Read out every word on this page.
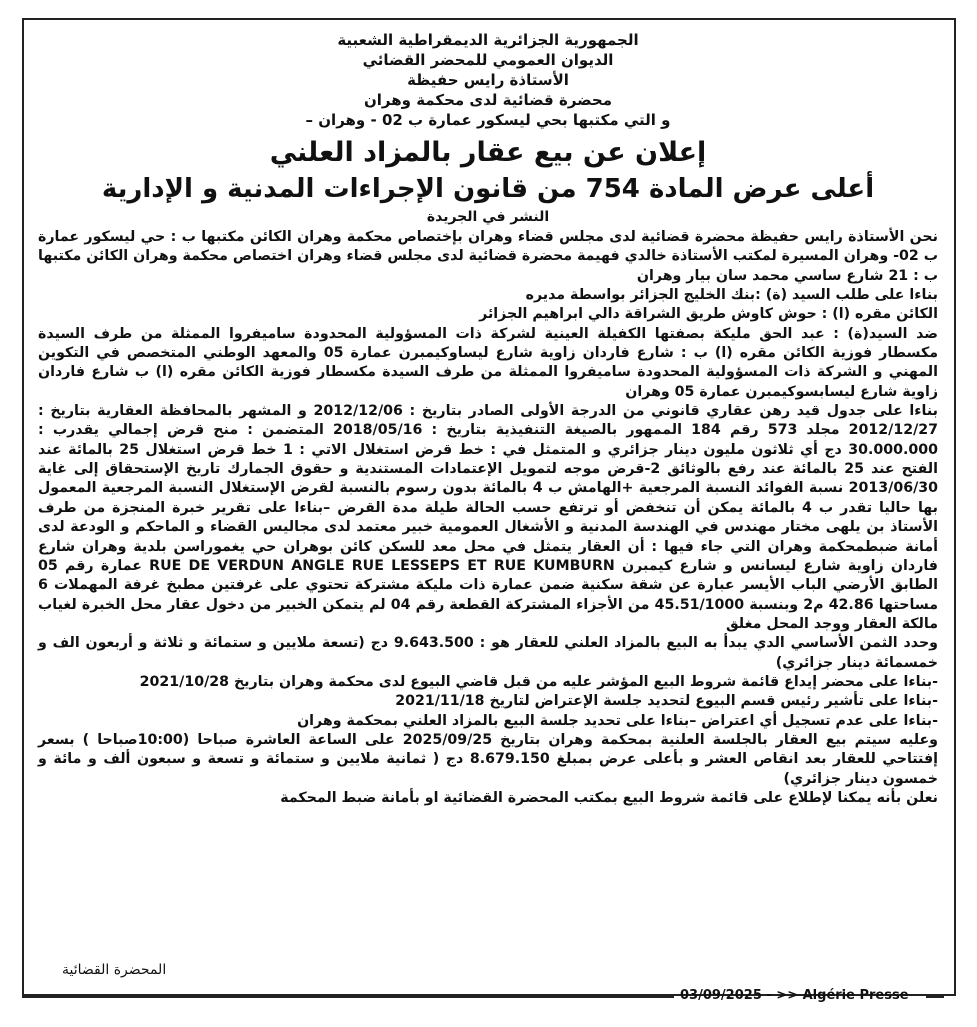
الجمهورية الجزائرية الديمقراطية الشعبية

الديوان العمومي للمحضر القضائي

الأستاذة رايس حفيظة

محضرة قضائية لدى محكمة وهران

و التي مكتبها بحي ليسكور عمارة ب 02 - وهران –

إعلان عن بيع عقار بالمزاد العلني

أعلى عرض المادة 754 من قانون الإجراءات المدنية و الإدارية

النشر في الجريدة

نحن الأستاذة رايس حفيظة محضرة قضائية لدى مجلس قضاء وهران بإختصاص محكمة وهران الكائن مكتبها ب : حي ليسكور عمارة ب 02- وهران المسيرة لمكتب الأستاذة خالدي فهيمة محضرة قضائية لدى مجلس قضاء وهران اختصاص محكمة وهران الكائن مكتبها ب : 21 شارع ساسي محمد سان بيار وهران

بناءا على طلب السيد (ة) :بنك الخليج الجزائر بواسطة مديره

الكائن مقره (ا) : حوش كاوش طريق الشراقة دالي ابراهيم الجزائر

ضد السيد(ة) : عبد الحق مليكة بصفتها الكفيلة العينية لشركة ذات المسؤولية المحدودة ساميفروا الممثلة من طرف السيدة مكسطار فوزية الكائن مقره (ا) ب : شارع فاردان زاوية شارع ليساوكيمبرن عمارة 05 والمعهد الوطني المتخصص في التكوين المهني و الشركة ذات المسؤولية المحدودة ساميفروا الممثلة من طرف السيدة مكسطار فوزية الكائن مقره (ا) ب شارع فاردان زاوية شارع ليسابسوكيمبرن عمارة 05 وهران

بناءا على جدول قيد رهن عقاري قانوني من الدرجة الأولى الصادر بتاريخ : 2012/12/06 و المشهر بالمحافظة العقارية بتاريخ : 2012/12/27 مجلد 573 رقم 184 الممهور بالصيغة التنفيذية بتاريخ : 2018/05/16 المتضمن : منح قرض إجمالي يقدرب : 30.000.000 دج أي ثلاثون مليون دينار جزائري و المتمثل في : خط قرض استغلال الاتي : 1 خط قرض استغلال 25 بالمائة عند الفتح عند 25 بالمائة عند رفع بالوثائق 2-قرض موجه لتمويل الإعتمادات المستندية و حقوق الجمارك تاريخ الإستحقاق إلى غاية 2013/06/30 نسبة الفوائد النسبة المرجعية +الهامش ب 4 بالمائة بدون رسوم بالنسبة لقرض الإستغلال النسبة المرجعية المعمول بها حاليا تقدر ب 4 بالمائة يمكن أن تنخفض أو ترتفع حسب الحالة طيلة مدة القرض –بناءا على تقرير خبرة المنجزة من طرف الأستاذ بن يلهى مختار مهندس في الهندسة المدنية و الأشغال العمومية خبير معتمد لدى مجاليس القضاء و الماحكم و الودعة لدى أمانة ضبطمحكمة وهران التي جاء فيها : أن العقار يتمثل في محل معد للسكن كائن بوهران حي يغموراسن بلدية وهران شارع فاردان زاوية شارع ليسانس و شارع كيمبرن RUE DE VERDUN ANGLE RUE LESSEPS ET RUE KUMBURN عمارة رقم 05 الطابق الأرضي الباب الأيسر عبارة عن شقة سكنية ضمن عمارة ذات مليكة مشتركة تحتوي على غرفتين مطبخ غرفة المهملات 6 مساحتها 42.86 م2 وبنسبة 45.51/1000 من الأجزاء المشتركة القطعة رقم 04 لم يتمكن الخبير من دخول عقار محل الخبرة لغياب مالكة العقار ووجد المحل مغلق

وحدد الثمن الأساسي الدي يبدأ به البيع بالمزاد العلني للعقار هو : 9.643.500 دج (تسعة ملايين و ستمائة و ثلاثة و أربعون الف و خمسمائة دينار جزائري)

-بناءا على محضر إيداع قائمة شروط البيع المؤشر عليه من قبل قاضي البيوع لدى محكمة وهران بتاريخ 2021/10/28

-بناءا على تأشير رئيس قسم البيوع لتحديد جلسة الإعتراض لتاريخ 2021/11/18

-بناءا على عدم تسجيل أي اعتراض –بناءا على تحديد جلسة البيع بالمزاد العلني بمحكمة وهران

وعليه سيتم بيع العقار بالجلسة العلنية بمحكمة وهران بتاريخ 2025/09/25 على الساعة العاشرة صباحا (10:00صباحا ) بسعر إفتتاحي للعقار بعد انقاص العشر و بأعلى عرض بمبلغ 8.679.150 دج ( ثمانية ملايين و ستمائة و تسعة و سبعون ألف و مائة و خمسون دينار جزائري)

نعلن بأنه يمكنا لإطلاع على قائمة شروط البيع بمكتب المحضرة القضائية او بأمانة ضبط المحكمة

المحضرة القضائية
03/09/2025 - >> Algérie Presse
